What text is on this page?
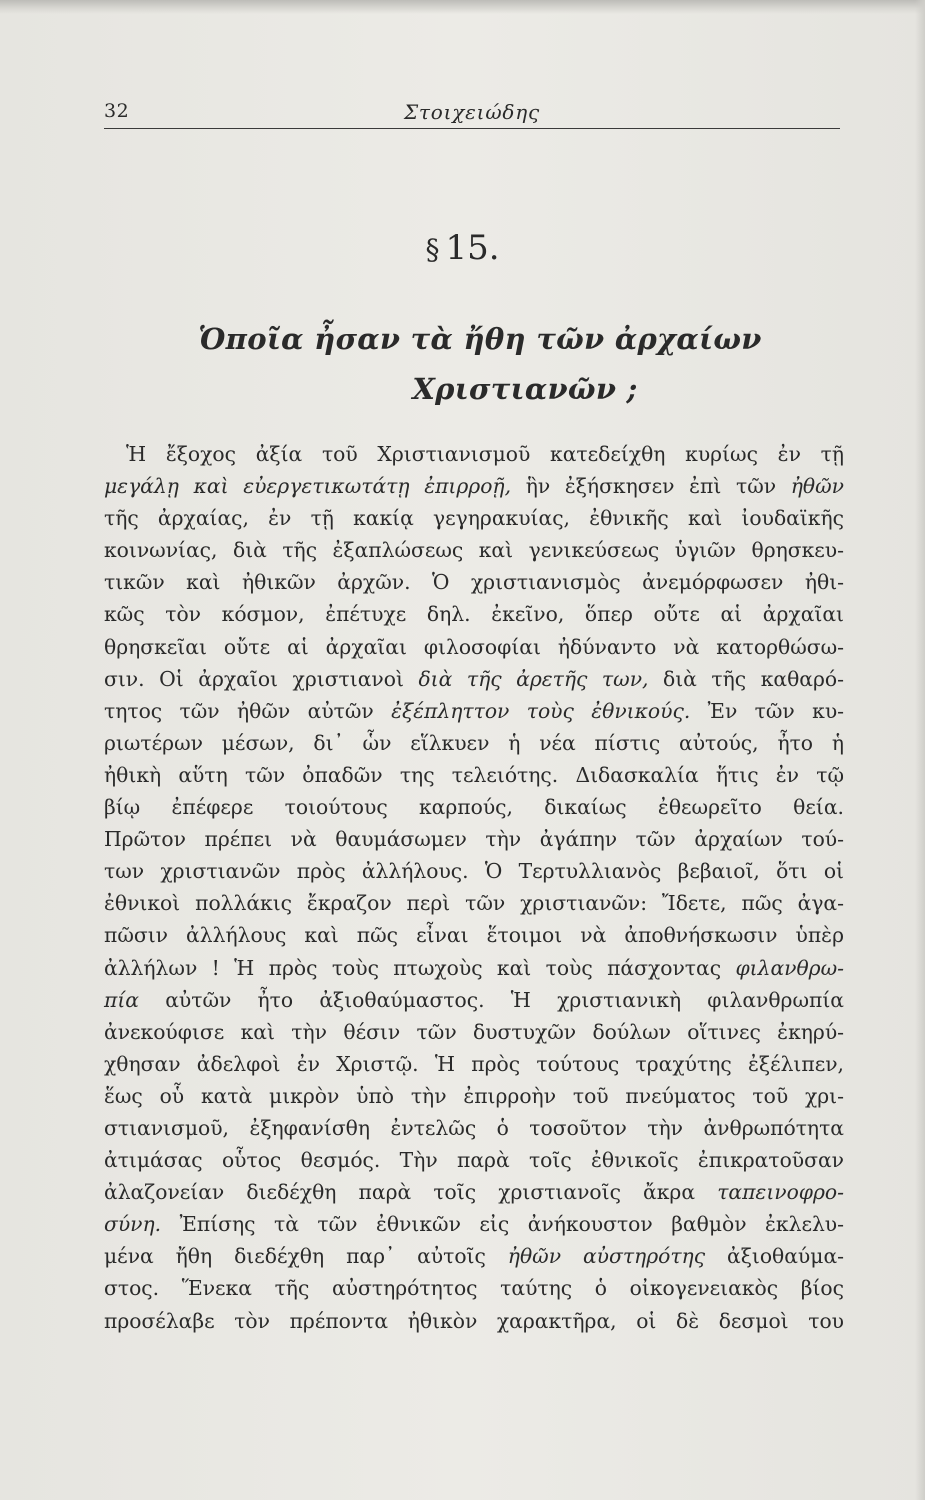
32	Στοιχειώδης
§ 15.
Ὁποῖα ἦσαν τὰ ἤθη τῶν ἀρχαίων
Χριστιανῶν ;
Ἡ ἔξοχος ἀξία τοῦ Χριστιανισμοῦ κατεδείχθη κυρίως ἐν τῇ
μεγάλῃ καὶ εὐεργετικωτάτῃ ἐπιρροῇ, ἣν ἐξήσκησεν ἐπὶ τῶν ἠθῶν
τῆς ἀρχαίας, ἐν τῇ κακίᾳ γεγηρακυίας, ἐθνικῆς καὶ ἰουδαϊκῆς
κοινωνίας, διὰ τῆς ἐξαπλώσεως καὶ γενικεύσεως ὑγιῶν θρησκευ-
τικῶν καὶ ἠθικῶν ἀρχῶν. Ὁ χριστιανισμὸς ἀνεμόρφωσεν ἠθι-
κῶς τὸν κόσμον, ἐπέτυχε δηλ. ἐκεῖνο, ὅπερ οὔτε αἱ ἀρχαῖαι
θρησκεῖαι οὔτε αἱ ἀρχαῖαι φιλοσοφίαι ἠδύναντο νὰ κατορθώσω-
σιν. Οἱ ἀρχαῖοι χριστιανοὶ διὰ τῆς ἀρετῆς των, διὰ τῆς καθαρό-
τητος τῶν ἠθῶν αὐτῶν ἐξέπληττον τοὺς ἐθνικούς. Ἐν τῶν κυ-
ριωτέρων μέσων, δι᾽ ὧν εἵλκυεν ἡ νέα πίστις αὐτούς, ἦτο ἡ
ἠθικὴ αὕτη τῶν ὀπαδῶν της τελειότης. Διδασκαλία ἥτις ἐν τῷ
βίῳ ἐπέφερε τοιούτους καρπούς, δικαίως ἐθεωρεῖτο θεία.
Πρῶτον πρέπει νὰ θαυμάσωμεν τὴν ἀγάπην τῶν ἀρχαίων τού-
των χριστιανῶν πρὸς ἀλλήλους. Ὁ Τερτυλλιανὸς βεβαιοῖ, ὅτι οἱ
ἐθνικοὶ πολλάκις ἔκραζον περὶ τῶν χριστιανῶν: Ἴδετε, πῶς ἀγα-
πῶσιν ἀλλήλους καὶ πῶς εἶναι ἕτοιμοι νὰ ἀποθνήσκωσιν ὑπὲρ
ἀλλήλων ! Ἡ πρὸς τοὺς πτωχοὺς καὶ τοὺς πάσχοντας φιλανθρω-
πία αὐτῶν ἦτο ἀξιοθαύμαστος. Ἡ χριστιανικὴ φιλανθρωπία
ἀνεκούφισε καὶ τὴν θέσιν τῶν δυστυχῶν δούλων οἵτινες ἐκηρύ-
χθησαν ἀδελφοὶ ἐν Χριστῷ. Ἡ πρὸς τούτους τραχύτης ἐξέλιπεν,
ἕως οὗ κατὰ μικρὸν ὑπὸ τὴν ἐπιρροὴν τοῦ πνεύματος τοῦ χρι-
στιανισμοῦ, ἐξηφανίσθη ἐντελῶς ὁ τοσοῦτον τὴν ἀνθρωπότητα
ἀτιμάσας οὗτος θεσμός. Τὴν παρὰ τοῖς ἐθνικοῖς ἐπικρατοῦσαν
ἀλαζονείαν διεδέχθη παρὰ τοῖς χριστιανοῖς ἄκρα ταπεινοφρο-
σύνη. Ἐπίσης τὰ τῶν ἐθνικῶν εἰς ἀνήκουστον βαθμὸν ἐκλελυ-
μένα ἤθη διεδέχθη παρ᾽ αὐτοῖς ἠθῶν αὐστηρότης ἀξιοθαύμα-
στος. Ἕνεκα τῆς αὐστηρότητος ταύτης ὁ οἰκογενειακὸς βίος
προσέλαβε τὸν πρέποντα ἠθικὸν χαρακτῆρα, οἱ δὲ δεσμοὶ του
